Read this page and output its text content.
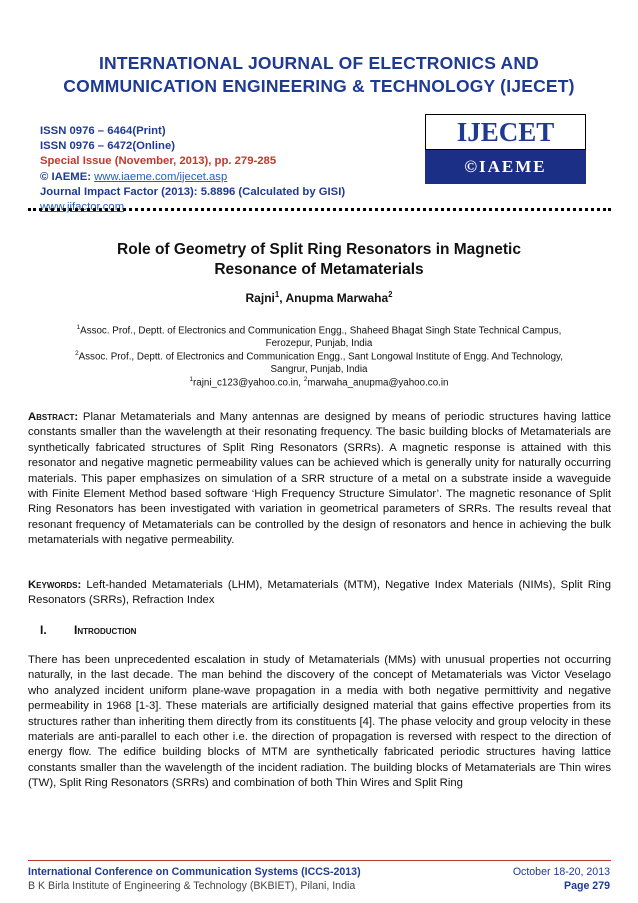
INTERNATIONAL JOURNAL OF ELECTRONICS AND
COMMUNICATION ENGINEERING & TECHNOLOGY (IJECET)
ISSN 0976 – 6464(Print)
ISSN 0976 – 6472(Online)
Special Issue (November, 2013), pp. 279-285
© IAEME: www.iaeme.com/ijecet.asp
Journal Impact Factor (2013): 5.8896 (Calculated by GISI)
www.jifactor.com
IJECET
©IAEME
Role of Geometry of Split Ring Resonators in Magnetic
Resonance of Metamaterials
Rajni$^1$, Anupma Marwaha$^2$
$^1$Assoc. Prof., Deptt. of Electronics and Communication Engg., Shaheed Bhagat Singh State Technical Campus,
Ferozepur, Punjab, India
$^2$Assoc. Prof., Deptt. of Electronics and Communication Engg., Sant Longowal Institute of Engg. And Technology,
Sangrur, Punjab, India
$^1$rajni_c123@yahoo.co.in, $^2$marwaha_anupma@yahoo.co.in
Abstract: Planar Metamaterials and Many antennas are designed by means of periodic structures having lattice constants smaller than the wavelength at their resonating frequency. The basic building blocks of Metamaterials are synthetically fabricated structures of Split Ring Resonators (SRRs). A magnetic response is attained with this resonator and negative magnetic permeability values can be achieved which is generally unity for naturally occurring materials. This paper emphasizes on simulation of a SRR structure of a metal on a substrate inside a waveguide with Finite Element Method based software ‘High Frequency Structure Simulator’. The magnetic resonance of Split Ring Resonators has been investigated with variation in geometrical parameters of SRRs. The results reveal that resonant frequency of Metamaterials can be controlled by the design of resonators and hence in achieving the bulk metamaterials with negative permeability.
Keywords: Left-handed Metamaterials (LHM), Metamaterials (MTM), Negative Index Materials (NIMs), Split Ring Resonators (SRRs), Refraction Index
I. Introduction
There has been unprecedented escalation in study of Metamaterials (MMs) with unusual properties not occurring naturally, in the last decade. The man behind the discovery of the concept of Metamaterials was Victor Veselago who analyzed incident uniform plane-wave propagation in a media with both negative permittivity and negative permeability in 1968 [1-3]. These materials are artificially designed material that gains effective properties from its structures rather than inheriting them directly from its constituents [4]. The phase velocity and group velocity in these materials are anti-parallel to each other i.e. the direction of propagation is reversed with respect to the direction of energy flow. The edifice building blocks of MTM are synthetically fabricated periodic structures having lattice constants smaller than the wavelength of the incident radiation. The building blocks of Metamaterials are Thin wires (TW), Split Ring Resonators (SRRs) and combination of both Thin Wires and Split Ring
International Conference on Communication Systems (ICCS-2013)
B K Birla Institute of Engineering & Technology (BKBIET), Pilani, India
October 18-20, 2013
Page 279
